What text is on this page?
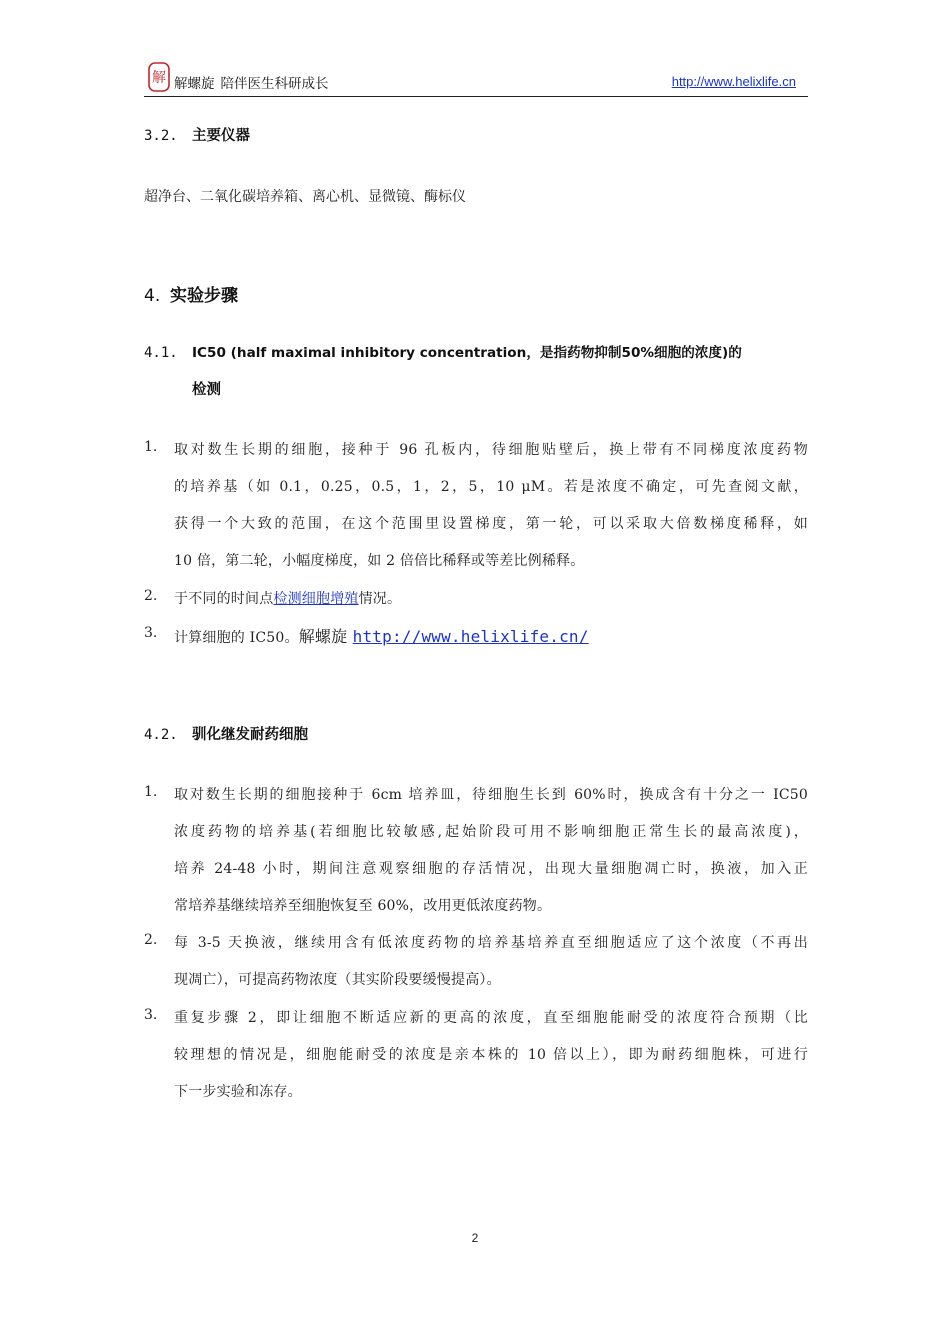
解 解螺旋 陪伴医生科研成长	http://www.helixlife.cn
3.2. 主要仪器
超净台、二氧化碳培养箱、离心机、显微镜、酶标仪
4. 实验步骤
4.1. IC50 (half maximal inhibitory concentration，是指药物抑制50%细胞的浓度)的
检测
1. 取对数生长期的细胞，接种于 96 孔板内，待细胞贴壁后，换上带有不同梯度浓度药物
的培养基（如 0.1，0.25，0.5，1，2，5，10 μM。若是浓度不确定，可先查阅文献，
获得一个大致的范围，在这个范围里设置梯度，第一轮，可以采取大倍数梯度稀释，如
10 倍，第二轮，小幅度梯度，如 2 倍倍比稀释或等差比例稀释。
2. 于不同的时间点检测细胞增殖情况。
3. 计算细胞的 IC50。解螺旋 http://www.helixlife.cn/
4.2. 驯化继发耐药细胞
1. 取对数生长期的细胞接种于 6cm 培养皿，待细胞生长到 60%时，换成含有十分之一 IC50
浓度药物的培养基(若细胞比较敏感,起始阶段可用不影响细胞正常生长的最高浓度)，
培养 24-48 小时，期间注意观察细胞的存活情况，出现大量细胞凋亡时，换液，加入正
常培养基继续培养至细胞恢复至 60%，改用更低浓度药物。
2. 每 3-5 天换液，继续用含有低浓度药物的培养基培养直至细胞适应了这个浓度（不再出
现凋亡），可提高药物浓度（其实阶段要缓慢提高）。
3. 重复步骤 2，即让细胞不断适应新的更高的浓度，直至细胞能耐受的浓度符合预期（比
较理想的情况是，细胞能耐受的浓度是亲本株的 10 倍以上），即为耐药细胞株，可进行
下一步实验和冻存。
2
